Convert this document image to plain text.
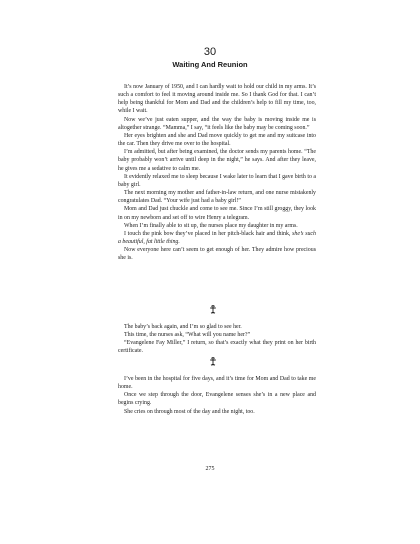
30
Waiting And Reunion

It’s now January of 1950, and I can hardly wait to hold our child in my arms. It’s such a comfort to feel it moving around inside me. So I thank God for that. I can’t help being thankful for Mom and Dad and the children’s help to fill my time, too, while I wait.

Now we’ve just eaten supper, and the way the baby is moving inside me is altogether strange. “Mamma,” I say, “it feels like the baby may be coming soon.”

Her eyes brighten and she and Dad move quickly to get me and my suitcase into the car. Then they drive me over to the hospital.

I’m admitted, but after being examined, the doctor sends my parents home. “The baby probably won’t arrive until deep in the night,” he says. And after they leave, he gives me a sedative to calm me.

It evidently relaxed me to sleep because I wake later to learn that I gave birth to a baby girl.

The next morning my mother and father-in-law return, and one nurse mistakenly congratulates Dad. “Your wife just had a baby girl!”

Mom and Dad just chuckle and come to see me. Since I’m still groggy, they look in on my newborn and set off to wire Henry a telegram.

When I’m finally able to sit up, the nurses place my daughter in my arms.

I touch the pink bow they’ve placed in her pitch-black hair and think, she’s such a beautiful, fat little thing.

Now everyone here can’t seem to get enough of her. They admire how precious she is.

The baby’s back again, and I’m so glad to see her.

This time, the nurses ask, “What will you name her?”

“Evangelene Fay Miller,” I return, so that’s exactly what they print on her birth certificate.

I’ve been in the hospital for five days, and it’s time for Mom and Dad to take me home.

Once we step through the door, Evangelene senses she’s in a new place and begins crying.

She cries on through most of the day and the night, too.

275
